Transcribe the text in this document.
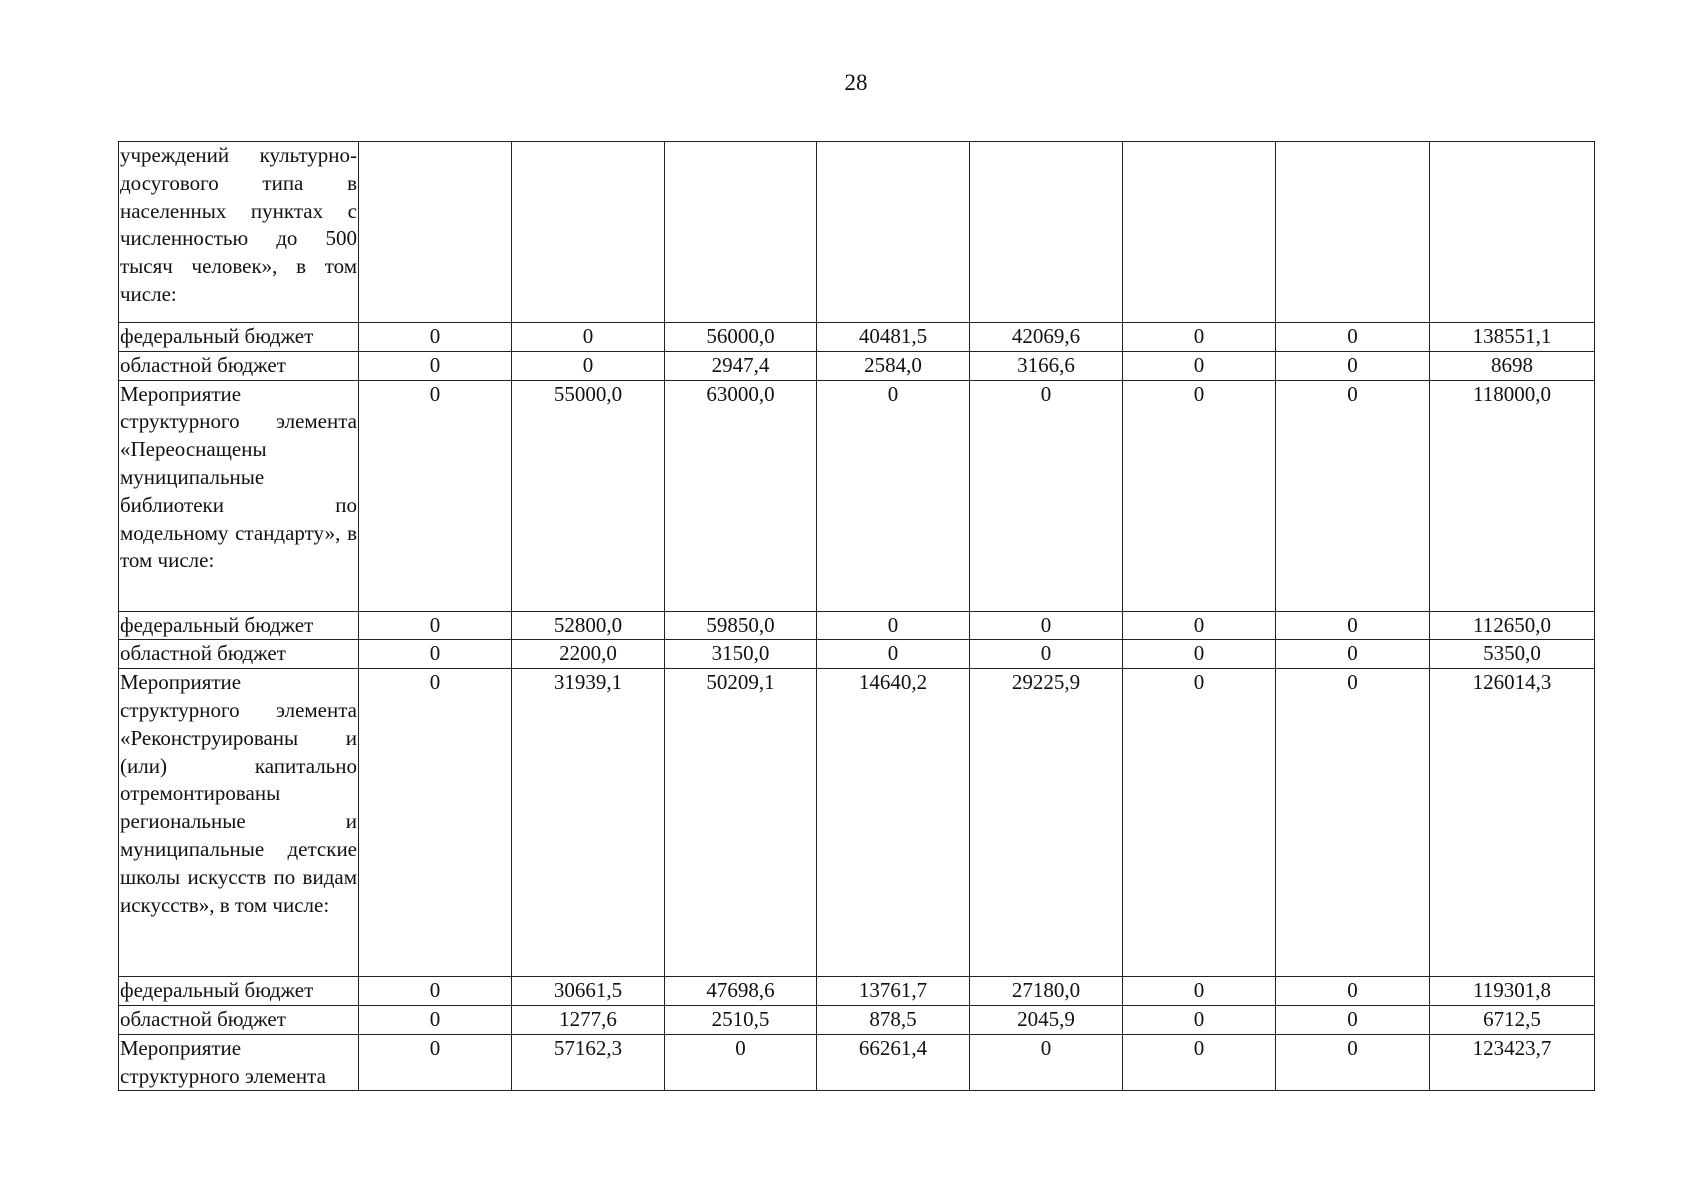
28
учреждений культурно-досугового типа в населенных пунктах с численностью до 500 тысяч человек», в том числе:								

федеральный бюджет	0	0	56000,0	40481,5	42069,6	0	0	138551,1

областной бюджет	0	0	2947,4	2584,0	3166,6	0	0	8698

Мероприятие структурного элемента «Переоснащены муниципальные библиотеки по модельному стандарту», в том числе:	0	55000,0	63000,0	0	0	0	0	118000,0

федеральный бюджет	0	52800,0	59850,0	0	0	0	0	112650,0

областной бюджет	0	2200,0	3150,0	0	0	0	0	5350,0

Мероприятие структурного элемента «Реконструированы и (или) капитально отремонтированы региональные и муниципальные детские школы искусств по видам искусств», в том числе:	0	31939,1	50209,1	14640,2	29225,9	0	0	126014,3

федеральный бюджет	0	30661,5	47698,6	13761,7	27180,0	0	0	119301,8

областной бюджет	0	1277,6	2510,5	878,5	2045,9	0	0	6712,5

Мероприятие структурного элемента	0	57162,3	0	66261,4	0	0	0	123423,7
